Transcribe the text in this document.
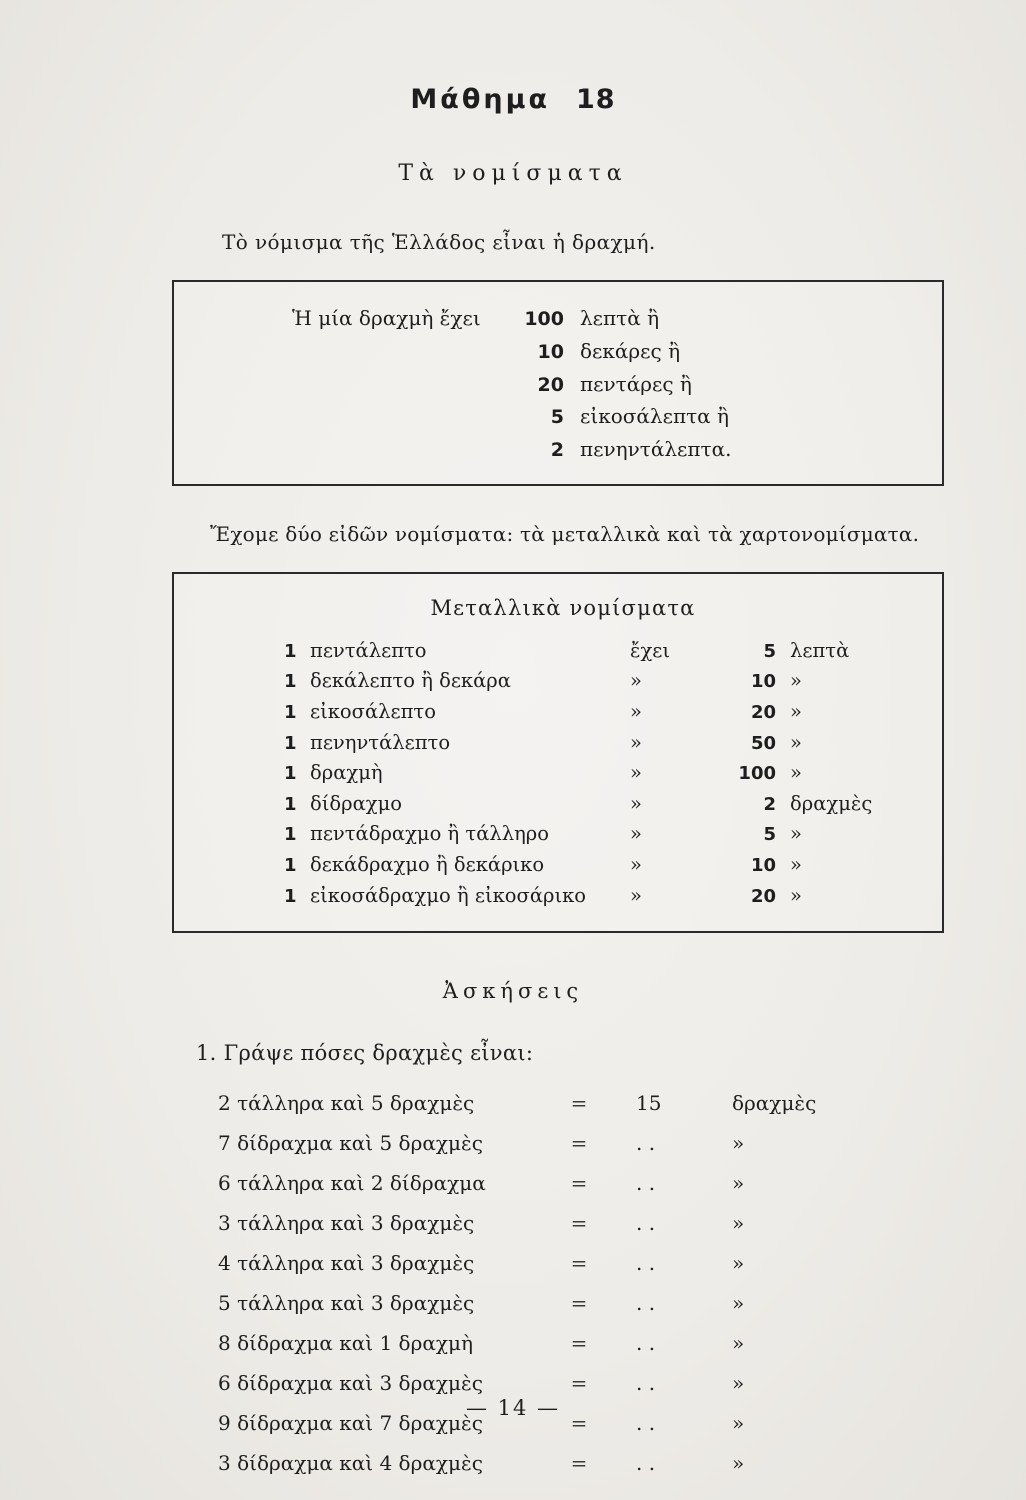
Μάθημα 18
Τὰ νομίσματα
Τὸ νόμισμα τῆς Ἑλλάδος εἶναι ἡ δραχμή.
Ἡ μία δραχμὴ ἔχει	100 λεπτὰ ἢ
10 δεκάρες ἢ
20 πεντάρες ἢ
5 εἰκοσάλεπτα ἢ
2 πενηντάλεπτα.
Ἔχομε δύο εἰδῶν νομίσματα: τὰ μεταλλικὰ καὶ τὰ χαρτονομίσματα.
Μεταλλικὰ νομίσματα
1 πεντάλεπτο	ἔχει	5 λεπτὰ
1 δεκάλεπτο ἢ δεκάρα	»	10 »
1 εἰκοσάλεπτο	»	20 »
1 πενηντάλεπτο	»	50 »
1 δραχμὴ	»	100 »
1 δίδραχμο	»	2 δραχμὲς
1 πεντάδραχμο ἢ τάλληρο	»	5 »
1 δεκάδραχμο ἢ δεκάρικο	»	10 »
1 εἰκοσάδραχμο ἢ εἰκοσάρικο	»	20 »
Ἀσκήσεις
1. Γράψε πόσες δραχμὲς εἶναι:
2 τάλληρα καὶ 5 δραχμὲς	=	15	δραχμὲς
7 δίδραχμα καὶ 5 δραχμὲς	=	. .	»
6 τάλληρα καὶ 2 δίδραχμα	=	. .	»
3 τάλληρα καὶ 3 δραχμὲς	=	. .	»
4 τάλληρα καὶ 3 δραχμὲς	=	. .	»
5 τάλληρα καὶ 3 δραχμὲς	=	. .	»
8 δίδραχμα καὶ 1 δραχμὴ	=	. .	»
6 δίδραχμα καὶ 3 δραχμὲς	=	. .	»
9 δίδραχμα καὶ 7 δραχμὲς	=	. .	»
3 δίδραχμα καὶ 4 δραχμὲς	=	. .	»
— 14 —
